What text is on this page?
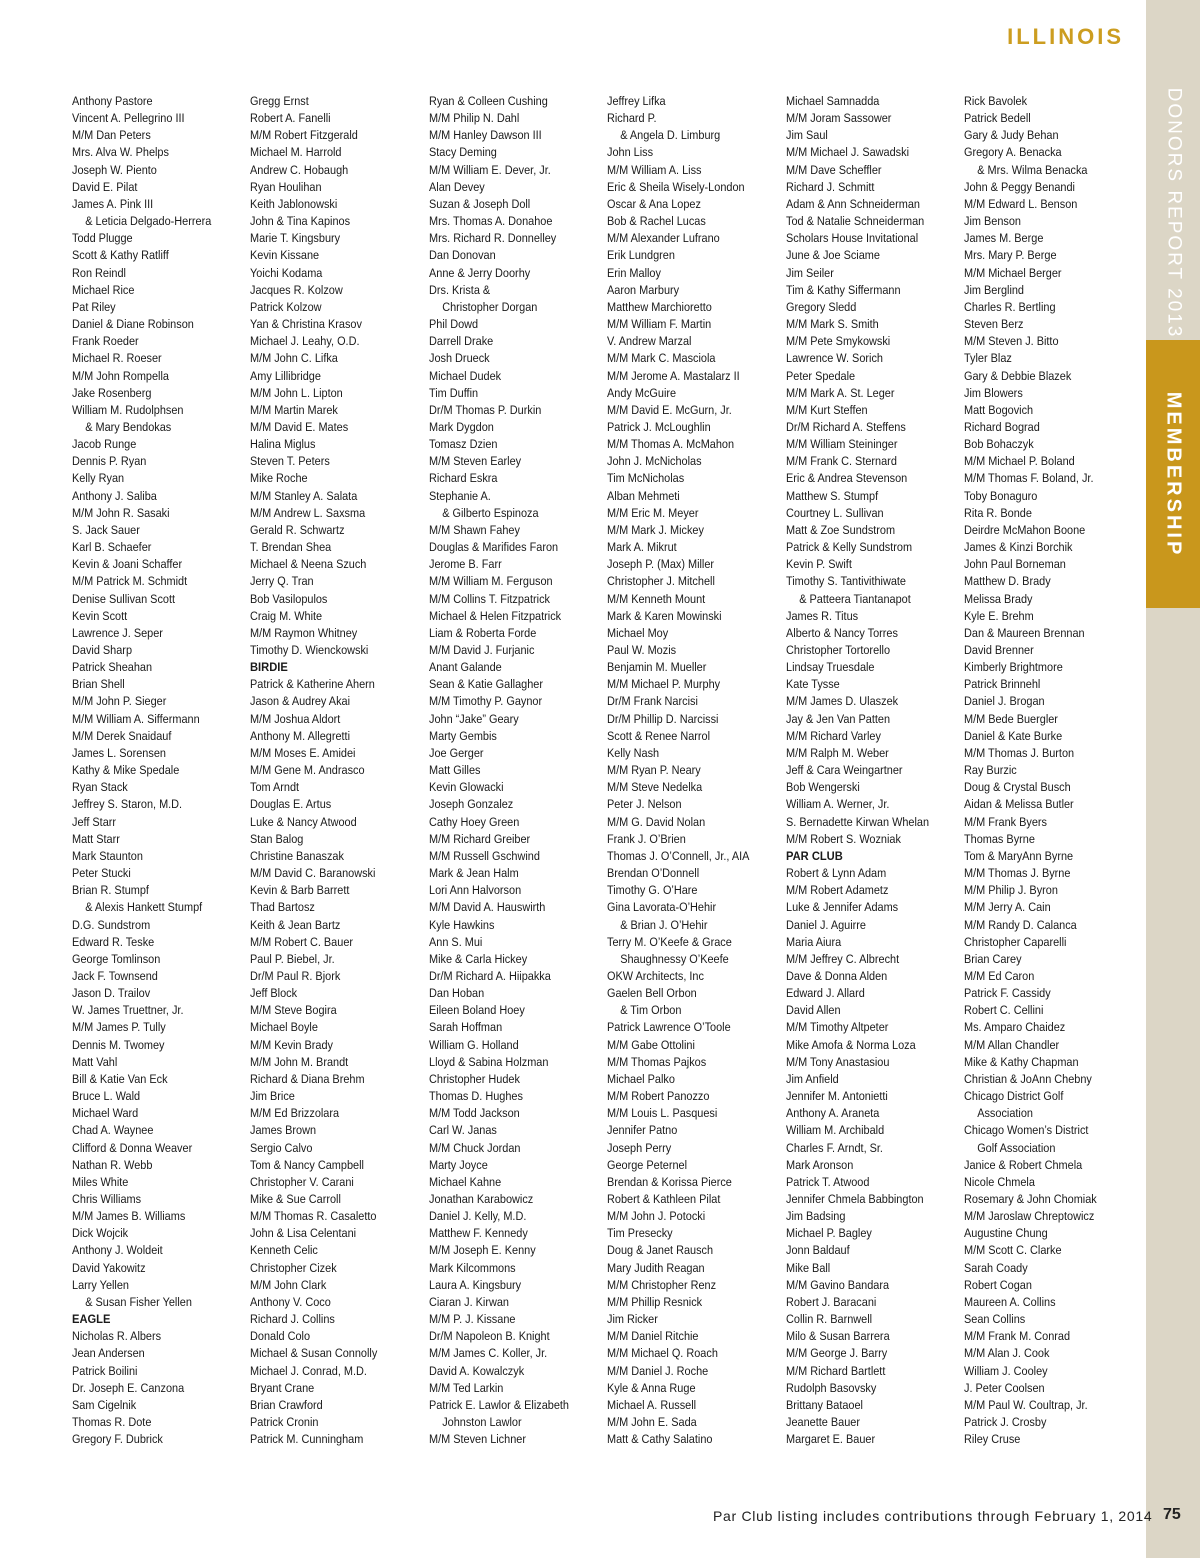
ILLINOIS
DONORS REPORT 2013
MEMBERSHIP
Anthony Pastore
Vincent A. Pellegrino III
M/M Dan Peters
Mrs. Alva W. Phelps
Joseph W. Piento
David E. Pilat
James A. Pink III
& Leticia Delgado-Herrera
Todd Plugge
Scott & Kathy Ratliff
Ron Reindl
Michael Rice
Pat Riley
Daniel & Diane Robinson
Frank Roeder
Michael R. Roeser
M/M John Rompella
Jake Rosenberg
William M. Rudolphsen
& Mary Bendokas
Jacob Runge
Dennis P. Ryan
Kelly Ryan
Anthony J. Saliba
M/M John R. Sasaki
S. Jack Sauer
Karl B. Schaefer
Kevin & Joani Schaffer
M/M Patrick M. Schmidt
Denise Sullivan Scott
Kevin Scott
Lawrence J. Seper
David Sharp
Patrick Sheahan
Brian Shell
M/M John P. Sieger
M/M William A. Siffermann
M/M Derek Snaidauf
James L. Sorensen
Kathy & Mike Spedale
Ryan Stack
Jeffrey S. Staron, M.D.
Jeff Starr
Matt Starr
Mark Staunton
Peter Stucki
Brian R. Stumpf
& Alexis Hankett Stumpf
D.G. Sundstrom
Edward R. Teske
George Tomlinson
Jack F. Townsend
Jason D. Trailov
W. James Truettner, Jr.
M/M James P. Tully
Dennis M. Twomey
Matt Vahl
Bill & Katie Van Eck
Bruce L. Wald
Michael Ward
Chad A. Waynee
Clifford & Donna Weaver
Nathan R. Webb
Miles White
Chris Williams
M/M James B. Williams
Dick Wojcik
Anthony J. Woldeit
David Yakowitz
Larry Yellen
& Susan Fisher Yellen
EAGLE
Nicholas R. Albers
Jean Andersen
Patrick Boilini
Dr. Joseph E. Canzona
Sam Cigelnik
Thomas R. Dote
Gregory F. Dubrick
Gregg Ernst
Robert A. Fanelli
M/M Robert Fitzgerald
Michael M. Harrold
Andrew C. Hobaugh
Ryan Houlihan
Keith Jablonowski
John & Tina Kapinos
Marie T. Kingsbury
Kevin Kissane
Yoichi Kodama
Jacques R. Kolzow
Patrick Kolzow
Yan & Christina Krasov
Michael J. Leahy, O.D.
M/M John C. Lifka
Amy Lillibridge
M/M John L. Lipton
M/M Martin Marek
M/M David E. Mates
Halina Miglus
Steven T. Peters
Mike Roche
M/M Stanley A. Salata
M/M Andrew L. Saxsma
Gerald R. Schwartz
T. Brendan Shea
Michael & Neena Szuch
Jerry Q. Tran
Bob Vasilopulos
Craig M. White
M/M Raymon Whitney
Timothy D. Wienckowski
BIRDIE
Patrick & Katherine Ahern
Jason & Audrey Akai
M/M Joshua Aldort
Anthony M. Allegretti
M/M Moses E. Amidei
M/M Gene M. Andrasco
Tom Arndt
Douglas E. Artus
Luke & Nancy Atwood
Stan Balog
Christine Banaszak
M/M David C. Baranowski
Kevin & Barb Barrett
Thad Bartosz
Keith & Jean Bartz
M/M Robert C. Bauer
Paul P. Biebel, Jr.
Dr/M Paul R. Bjork
Jeff Block
M/M Steve Bogira
Michael Boyle
M/M Kevin Brady
M/M John M. Brandt
Richard & Diana Brehm
Jim Brice
M/M Ed Brizzolara
James Brown
Sergio Calvo
Tom & Nancy Campbell
Christopher V. Carani
Mike & Sue Carroll
M/M Thomas R. Casaletto
John & Lisa Celentani
Kenneth Celic
Christopher Cizek
M/M John Clark
Anthony V. Coco
Richard J. Collins
Donald Colo
Michael & Susan Connolly
Michael J. Conrad, M.D.
Bryant Crane
Brian Crawford
Patrick Cronin
Patrick M. Cunningham
Ryan & Colleen Cushing
M/M Philip N. Dahl
M/M Hanley Dawson III
Stacy Deming
M/M William E. Dever, Jr.
Alan Devey
Suzan & Joseph Doll
Mrs. Thomas A. Donahoe
Mrs. Richard R. Donnelley
Dan Donovan
Anne & Jerry Doorhy
Drs. Krista &
Christopher Dorgan
Phil Dowd
Darrell Drake
Josh Drueck
Michael Dudek
Tim Duffin
Dr/M Thomas P. Durkin
Mark Dygdon
Tomasz Dzien
M/M Steven Earley
Richard Eskra
Stephanie A.
& Gilberto Espinoza
M/M Shawn Fahey
Douglas & Marifides Faron
Jerome B. Farr
M/M William M. Ferguson
M/M Collins T. Fitzpatrick
Michael & Helen Fitzpatrick
Liam & Roberta Forde
M/M David J. Furjanic
Anant Galande
Sean & Katie Gallagher
M/M Timothy P. Gaynor
John “Jake” Geary
Marty Gembis
Joe Gerger
Matt Gilles
Kevin Glowacki
Joseph Gonzalez
Cathy Hoey Green
M/M Richard Greiber
M/M Russell Gschwind
Mark & Jean Halm
Lori Ann Halvorson
M/M David A. Hauswirth
Kyle Hawkins
Ann S. Mui
Mike & Carla Hickey
Dr/M Richard A. Hiipakka
Dan Hoban
Eileen Boland Hoey
Sarah Hoffman
William G. Holland
Lloyd & Sabina Holzman
Christopher Hudek
Thomas D. Hughes
M/M Todd Jackson
Carl W. Janas
M/M Chuck Jordan
Marty Joyce
Michael Kahne
Jonathan Karabowicz
Daniel J. Kelly, M.D.
Matthew F. Kennedy
M/M Joseph E. Kenny
Mark Kilcommons
Laura A. Kingsbury
Ciaran J. Kirwan
M/M P. J. Kissane
Dr/M Napoleon B. Knight
M/M James C. Koller, Jr.
David A. Kowalczyk
M/M Ted Larkin
Patrick E. Lawlor & Elizabeth
Johnston Lawlor
M/M Steven Lichner
Jeffrey Lifka
Richard P.
& Angela D. Limburg
John Liss
M/M William A. Liss
Eric & Sheila Wisely-London
Oscar & Ana Lopez
Bob & Rachel Lucas
M/M Alexander Lufrano
Erik Lundgren
Erin Malloy
Aaron Marbury
Matthew Marchioretto
M/M William F. Martin
V. Andrew Marzal
M/M Mark C. Masciola
M/M Jerome A. Mastalarz II
Andy McGuire
M/M David E. McGurn, Jr.
Patrick J. McLoughlin
M/M Thomas A. McMahon
John J. McNicholas
Tim McNicholas
Alban Mehmeti
M/M Eric M. Meyer
M/M Mark J. Mickey
Mark A. Mikrut
Joseph P. (Max) Miller
Christopher J. Mitchell
M/M Kenneth Mount
Mark & Karen Mowinski
Michael Moy
Paul W. Mozis
Benjamin M. Mueller
M/M Michael P. Murphy
Dr/M Frank Narcisi
Dr/M Phillip D. Narcissi
Scott & Renee Narrol
Kelly Nash
M/M Ryan P. Neary
M/M Steve Nedelka
Peter J. Nelson
M/M G. David Nolan
Frank J. O’Brien
Thomas J. O’Connell, Jr., AIA
Brendan O’Donnell
Timothy G. O’Hare
Gina Lavorata-O’Hehir
& Brian J. O’Hehir
Terry M. O’Keefe & Grace
Shaughnessy O’Keefe
OKW Architects, Inc
Gaelen Bell Orbon
& Tim Orbon
Patrick Lawrence O’Toole
M/M Gabe Ottolini
M/M Thomas Pajkos
Michael Palko
M/M Robert Panozzo
M/M Louis L. Pasquesi
Jennifer Patno
Joseph Perry
George Peternel
Brendan & Korissa Pierce
Robert & Kathleen Pilat
M/M John J. Potocki
Tim Presecky
Doug & Janet Rausch
Mary Judith Reagan
M/M Christopher Renz
M/M Phillip Resnick
Jim Ricker
M/M Daniel Ritchie
M/M Michael Q. Roach
M/M Daniel J. Roche
Kyle & Anna Ruge
Michael A. Russell
M/M John E. Sada
Matt & Cathy Salatino
Michael Samnadda
M/M Joram Sassower
Jim Saul
M/M Michael J. Sawadski
M/M Dave Scheffler
Richard J. Schmitt
Adam & Ann Schneiderman
Tod & Natalie Schneiderman
Scholars House Invitational
June & Joe Sciame
Jim Seiler
Tim & Kathy Siffermann
Gregory Sledd
M/M Mark S. Smith
M/M Pete Smykowski
Lawrence W. Sorich
Peter Spedale
M/M Mark A. St. Leger
M/M Kurt Steffen
Dr/M Richard A. Steffens
M/M William Steininger
M/M Frank C. Sternard
Eric & Andrea Stevenson
Matthew S. Stumpf
Courtney L. Sullivan
Matt & Zoe Sundstrom
Patrick & Kelly Sundstrom
Kevin P. Swift
Timothy S. Tantivithiwate
& Patteera Tiantanapot
James R. Titus
Alberto & Nancy Torres
Christopher Tortorello
Lindsay Truesdale
Kate Tysse
M/M James D. Ulaszek
Jay & Jen Van Patten
M/M Richard Varley
M/M Ralph M. Weber
Jeff & Cara Weingartner
Bob Wengerski
William A. Werner, Jr.
S. Bernadette Kirwan Whelan
M/M Robert S. Wozniak
PAR CLUB
Robert & Lynn Adam
M/M Robert Adametz
Luke & Jennifer Adams
Daniel J. Aguirre
Maria Aiura
M/M Jeffrey C. Albrecht
Dave & Donna Alden
Edward J. Allard
David Allen
M/M Timothy Altpeter
Mike Amofa & Norma Loza
M/M Tony Anastasiou
Jim Anfield
Jennifer M. Antonietti
Anthony A. Araneta
William M. Archibald
Charles F. Arndt, Sr.
Mark Aronson
Patrick T. Atwood
Jennifer Chmela Babbington
Jim Badsing
Michael P. Bagley
Jonn Baldauf
Mike Ball
M/M Gavino Bandara
Robert J. Baracani
Collin R. Barnwell
Milo & Susan Barrera
M/M George J. Barry
M/M Richard Bartlett
Rudolph Basovsky
Brittany Bataoel
Jeanette Bauer
Margaret E. Bauer
Rick Bavolek
Patrick Bedell
Gary & Judy Behan
Gregory A. Benacka
& Mrs. Wilma Benacka
John & Peggy Benandi
M/M Edward L. Benson
Jim Benson
James M. Berge
Mrs. Mary P. Berge
M/M Michael Berger
Jim Berglind
Charles R. Bertling
Steven Berz
M/M Steven J. Bitto
Tyler Blaz
Gary & Debbie Blazek
Jim Blowers
Matt Bogovich
Richard Bograd
Bob Bohaczyk
M/M Michael P. Boland
M/M Thomas F. Boland, Jr.
Toby Bonaguro
Rita R. Bonde
Deirdre McMahon Boone
James & Kinzi Borchik
John Paul Borneman
Matthew D. Brady
Melissa Brady
Kyle E. Brehm
Dan & Maureen Brennan
David Brenner
Kimberly Brightmore
Patrick Brinnehl
Daniel J. Brogan
M/M Bede Buergler
Daniel & Kate Burke
M/M Thomas J. Burton
Ray Burzic
Doug & Crystal Busch
Aidan & Melissa Butler
M/M Frank Byers
Thomas Byrne
Tom & MaryAnn Byrne
M/M Thomas J. Byrne
M/M Philip J. Byron
M/M Jerry A. Cain
M/M Randy D. Calanca
Christopher Caparelli
Brian Carey
M/M Ed Caron
Patrick F. Cassidy
Robert C. Cellini
Ms. Amparo Chaidez
M/M Allan Chandler
Mike & Kathy Chapman
Christian & JoAnn Chebny
Chicago District Golf
Association
Chicago Women’s District
Golf Association
Janice & Robert Chmela
Nicole Chmela
Rosemary & John Chomiak
M/M Jaroslaw Chreptowicz
Augustine Chung
M/M Scott C. Clarke
Sarah Coady
Robert Cogan
Maureen A. Collins
Sean Collins
M/M Frank M. Conrad
M/M Alan J. Cook
William J. Cooley
J. Peter Coolsen
M/M Paul W. Coultrap, Jr.
Patrick J. Crosby
Riley Cruse
Par Club listing includes contributions through February 1, 2014 75
